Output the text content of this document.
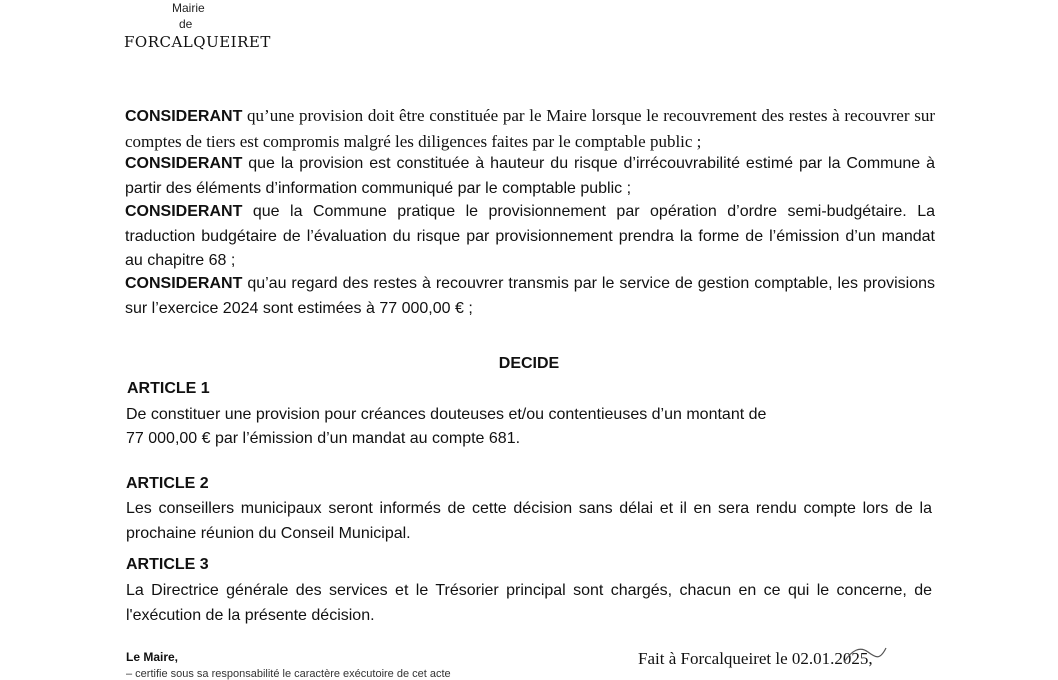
Mairie
de
FORCALQUEIRET
CONSIDERANT qu’une provision doit être constituée par le Maire lorsque le recouvrement des restes à recouvrer sur comptes de tiers est compromis malgré les diligences faites par le comptable public ;
CONSIDERANT que la provision est constituée à hauteur du risque d’irrécouvrabilité estimé par la Commune à partir des éléments d’information communiqué par le comptable public ;
CONSIDERANT que la Commune pratique le provisionnement par opération d’ordre semi-budgétaire. La traduction budgétaire de l’évaluation du risque par provisionnement prendra la forme de l’émission d’un mandat au chapitre 68 ;
CONSIDERANT qu’au regard des restes à recouvrer transmis par le service de gestion comptable, les provisions sur l’exercice 2024 sont estimées à 77 000,00 € ;
DECIDE
ARTICLE 1
De constituer une provision pour créances douteuses et/ou contentieuses d’un montant de
77 000,00 € par l’émission d’un mandat au compte 681.
ARTICLE 2
Les conseillers municipaux seront informés de cette décision sans délai et il en sera rendu compte lors de la prochaine réunion du Conseil Municipal.
ARTICLE 3
La Directrice générale des services et le Trésorier principal sont chargés, chacun en ce qui le concerne, de l'exécution de la présente décision.
Le Maire,
– certifie sous sa responsabilité le caractère exécutoire de cet acte
Fait à Forcalqueiret le 02.01.2025,
